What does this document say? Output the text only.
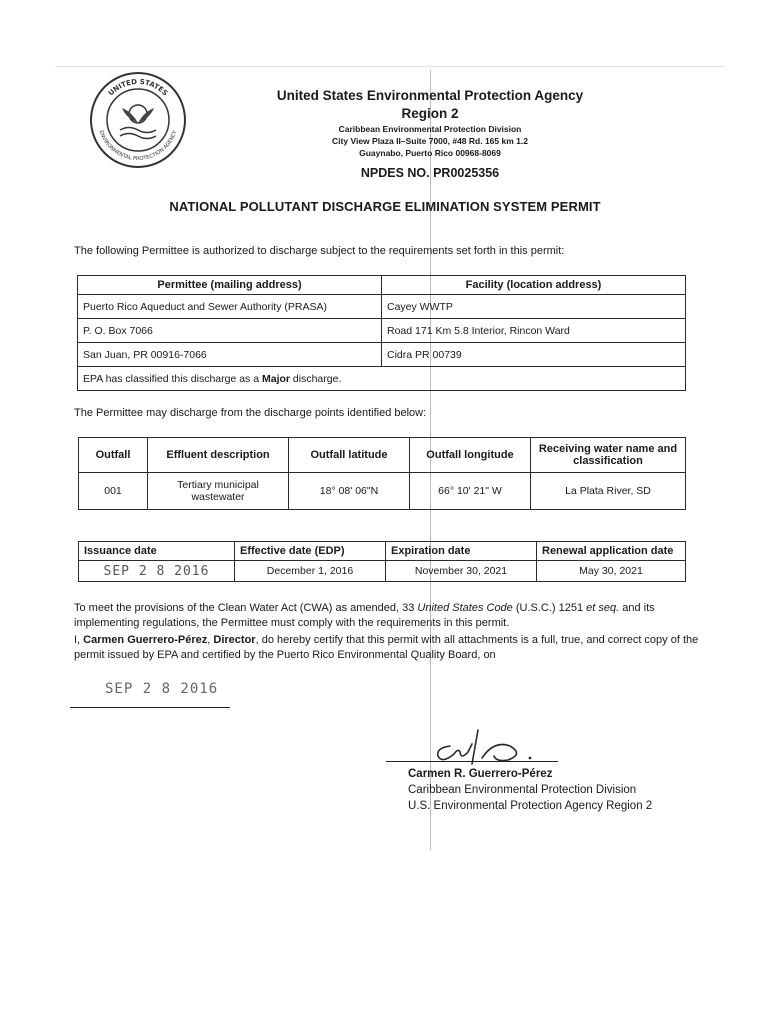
UNITED STATES
ENVIRONMENTAL PROTECTION AGENCY
United States Environmental Protection Agency
Region 2
Caribbean Environmental Protection Division
City View Plaza II–Suite 7000, #48 Rd. 165 km 1.2
Guaynabo, Puerto Rico 00968-8069
NPDES NO. PR0025356
NATIONAL POLLUTANT DISCHARGE ELIMINATION SYSTEM PERMIT
The following Permittee is authorized to discharge subject to the requirements set forth in this permit:
Permittee (mailing address)	Facility (location address)
Puerto Rico Aqueduct and Sewer Authority (PRASA)	Cayey WWTP
P. O. Box 7066	Road 171 Km 5.8 Interior, Rincon Ward
San Juan, PR 00916-7066	Cidra PR 00739
EPA has classified this discharge as a Major discharge.	
The Permittee may discharge from the discharge points identified below:
Outfall	Effluent description	Outfall latitude	Outfall longitude	Receiving water name and classification
001	Tertiary municipal wastewater	18° 08' 06"N	66° 10' 21" W	La Plata River, SD
Issuance date	Effective date (EDP)	Expiration date	Renewal application date
SEP 2 8 2016	December 1, 2016	November 30, 2021	May 30, 2021
To meet the provisions of the Clean Water Act (CWA) as amended, 33 United States Code (U.S.C.) 1251 et seq. and its implementing regulations, the Permittee must comply with the requirements in this permit.
I, Carmen Guerrero-Pérez, Director, do hereby certify that this permit with all attachments is a full, true, and correct copy of the permit issued by EPA and certified by the Puerto Rico Environmental Quality Board, on
SEP 2 8 2016
Carmen R. Guerrero-Pérez
Caribbean Environmental Protection Division
U.S. Environmental Protection Agency Region 2
